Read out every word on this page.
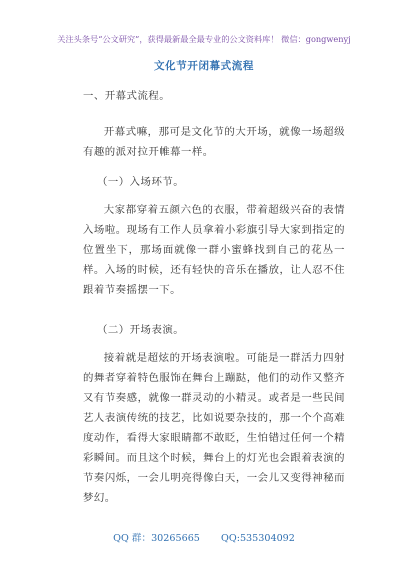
关注头条号“公文研究”，获得最新最全最专业的公文资料库！ 微信：gongwenyj
文化节开闭幕式流程
一、开幕式流程。

开幕式嘛，那可是文化节的大开场，就像一场超级有趣的派对拉开帷幕一样。

（一）入场环节。

大家都穿着五颜六色的衣服，带着超级兴奋的表情入场啦。现场有工作人员拿着小彩旗引导大家到指定的位置坐下，那场面就像一群小蜜蜂找到自己的花丛一样。入场的时候，还有轻快的音乐在播放，让人忍不住跟着节奏摇摆一下。

（二）开场表演。

接着就是超炫的开场表演啦。可能是一群活力四射的舞者穿着特色服饰在舞台上蹦跶，他们的动作又整齐又有节奏感，就像一群灵动的小精灵。或者是一些民间艺人表演传统的技艺，比如说要杂技的，那一个个高难度动作，看得大家眼睛都不敢眨，生怕错过任何一个精彩瞬间。而且这个时候，舞台上的灯光也会跟着表演的节奏闪烁，一会儿明亮得像白天，一会儿又变得神秘而梦幻。

QQ 群：30265665 QQ:535304092
